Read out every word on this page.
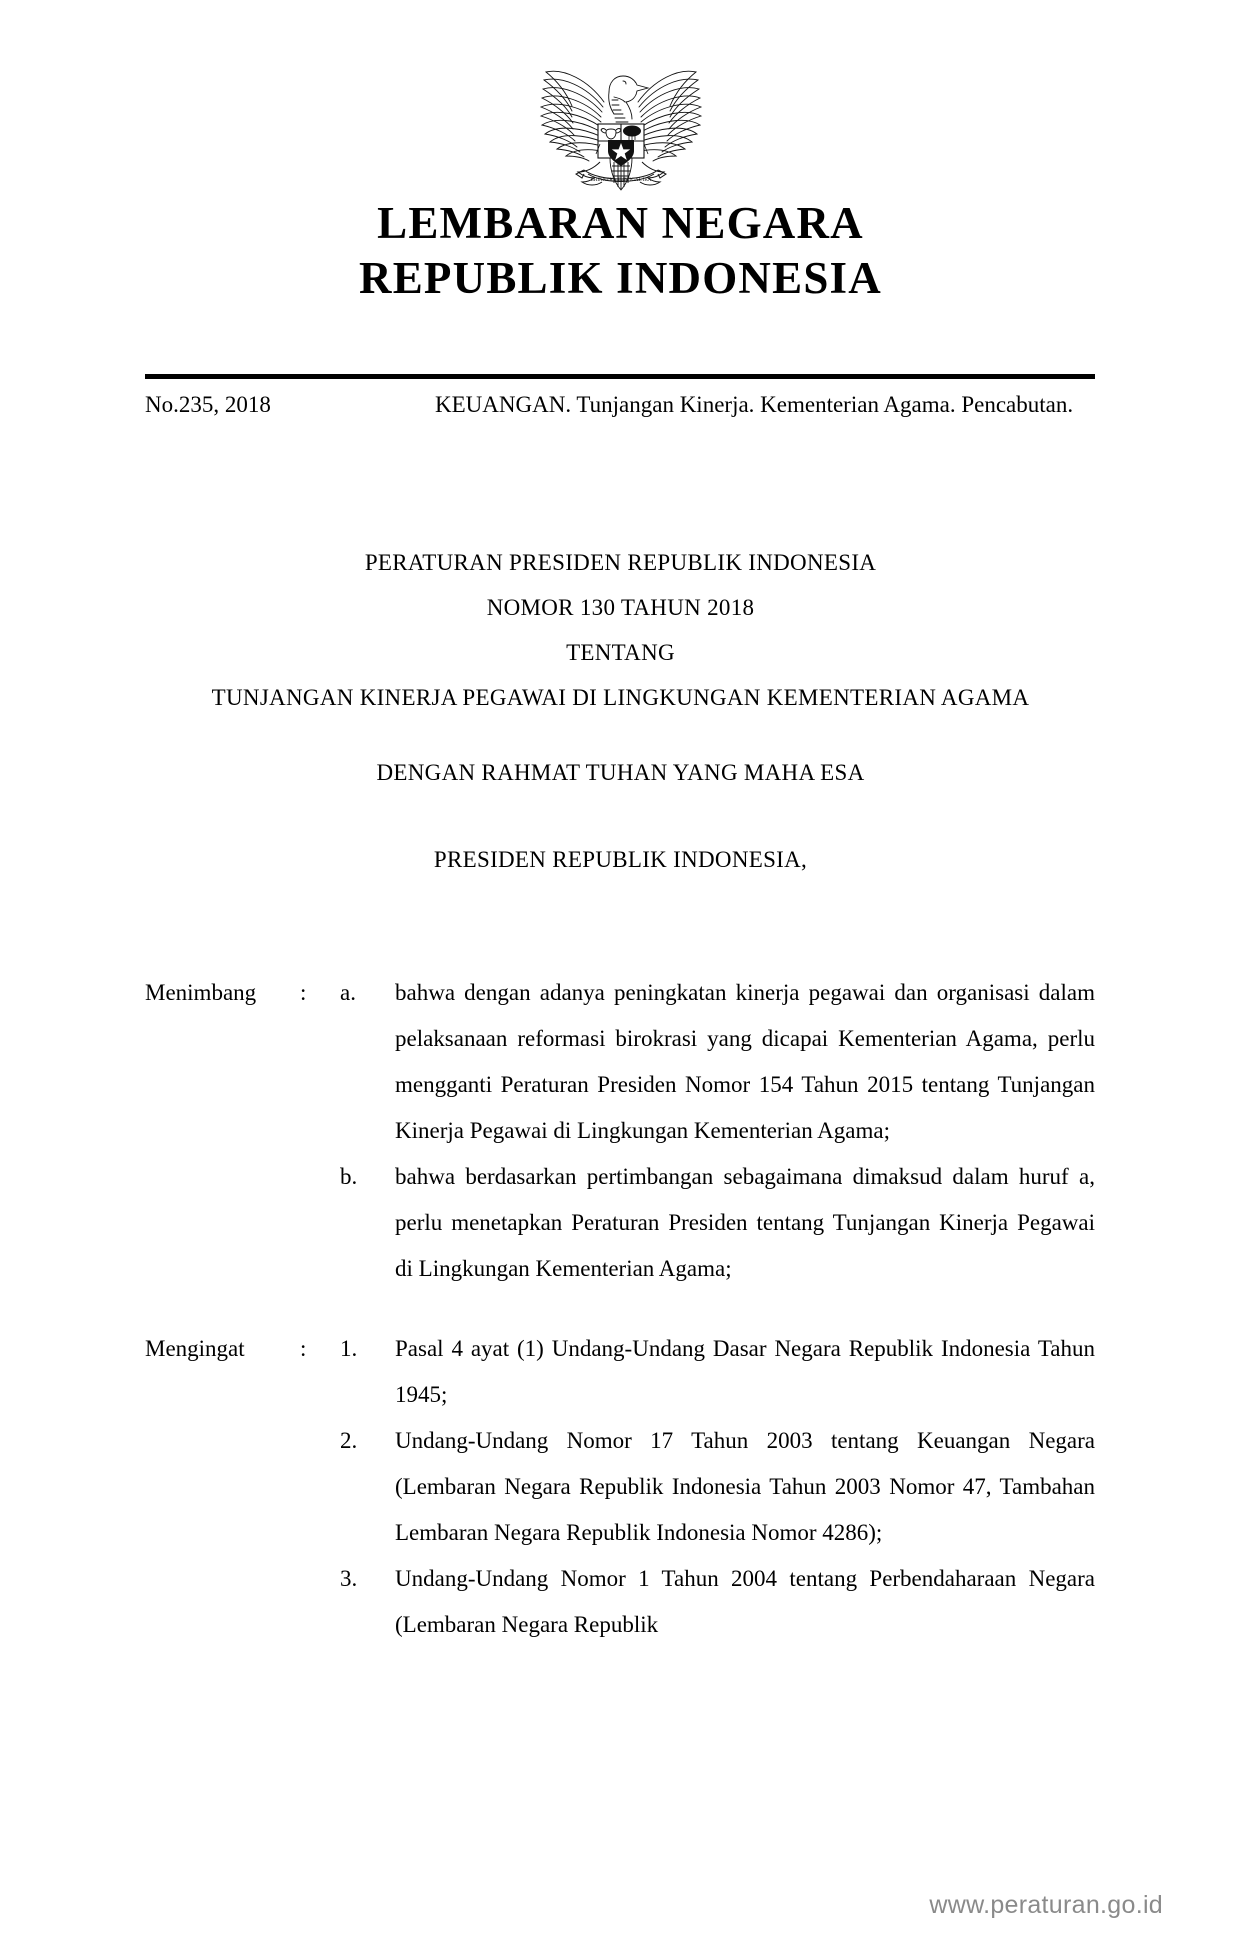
BHINNEKA TUNGGAL IKA
LEMBARAN NEGARA
REPUBLIK INDONESIA
No.235, 2018	KEUANGAN. Tunjangan Kinerja. Kementerian Agama. Pencabutan.
PERATURAN PRESIDEN REPUBLIK INDONESIA
NOMOR 130 TAHUN 2018
TENTANG
TUNJANGAN KINERJA PEGAWAI DI LINGKUNGAN KEMENTERIAN AGAMA
DENGAN RAHMAT TUHAN YANG MAHA ESA
PRESIDEN REPUBLIK INDONESIA,
Menimbang	:	a.	bahwa dengan adanya peningkatan kinerja pegawai dan organisasi dalam pelaksanaan reformasi birokrasi yang dicapai Kementerian Agama, perlu mengganti Peraturan Presiden Nomor 154 Tahun 2015 tentang Tunjangan Kinerja Pegawai di Lingkungan Kementerian Agama;
b.	bahwa berdasarkan pertimbangan sebagaimana dimaksud dalam huruf a, perlu menetapkan Peraturan Presiden tentang Tunjangan Kinerja Pegawai di Lingkungan Kementerian Agama;
Mengingat	:	1.	Pasal 4 ayat (1) Undang-Undang Dasar Negara Republik Indonesia Tahun 1945;
2.	Undang-Undang Nomor 17 Tahun 2003 tentang Keuangan Negara (Lembaran Negara Republik Indonesia Tahun 2003 Nomor 47, Tambahan Lembaran Negara Republik Indonesia Nomor 4286);
3.	Undang-Undang Nomor 1 Tahun 2004 tentang Perbendaharaan Negara (Lembaran Negara Republik
www.peraturan.go.id
